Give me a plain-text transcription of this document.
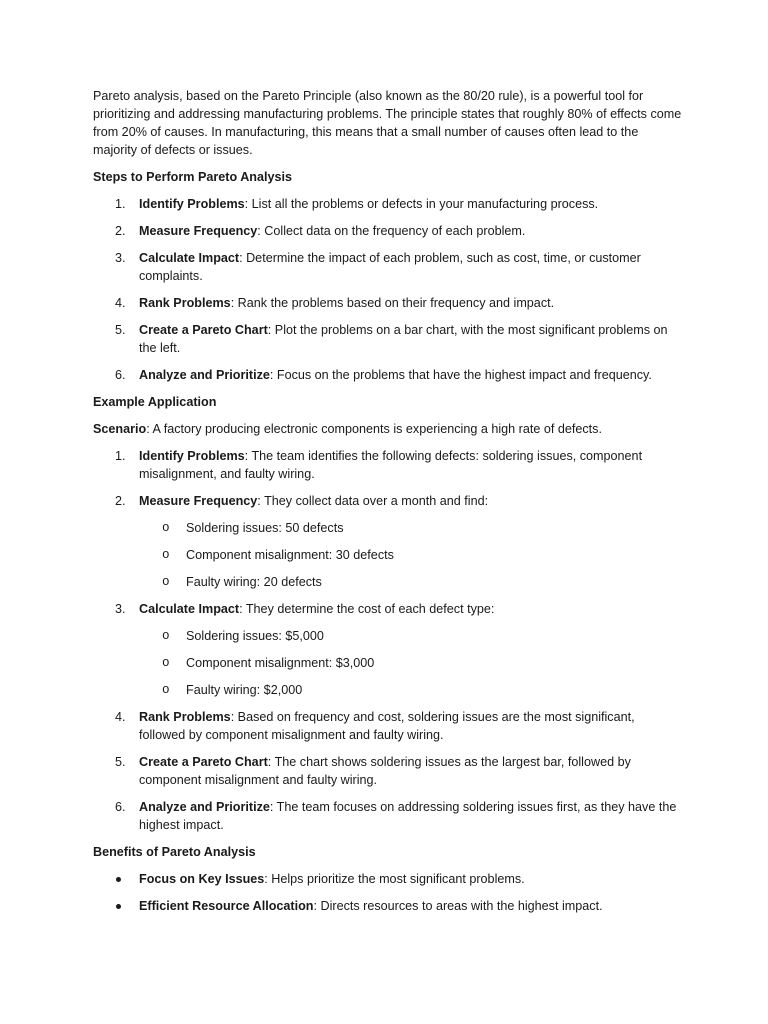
Pareto analysis, based on the Pareto Principle (also known as the 80/20 rule), is a powerful tool for prioritizing and addressing manufacturing problems. The principle states that roughly 80% of effects come from 20% of causes. In manufacturing, this means that a small number of causes often lead to the majority of defects or issues.

Steps to Perform Pareto Analysis

1. Identify Problems: List all the problems or defects in your manufacturing process.
2. Measure Frequency: Collect data on the frequency of each problem.
3. Calculate Impact: Determine the impact of each problem, such as cost, time, or customer complaints.
4. Rank Problems: Rank the problems based on their frequency and impact.
5. Create a Pareto Chart: Plot the problems on a bar chart, with the most significant problems on the left.
6. Analyze and Prioritize: Focus on the problems that have the highest impact and frequency.

Example Application

Scenario: A factory producing electronic components is experiencing a high rate of defects.

1. Identify Problems: The team identifies the following defects: soldering issues, component misalignment, and faulty wiring.
2. Measure Frequency: They collect data over a month and find:
o Soldering issues: 50 defects
o Component misalignment: 30 defects
o Faulty wiring: 20 defects
3. Calculate Impact: They determine the cost of each defect type:
o Soldering issues: $5,000
o Component misalignment: $3,000
o Faulty wiring: $2,000
4. Rank Problems: Based on frequency and cost, soldering issues are the most significant, followed by component misalignment and faulty wiring.
5. Create a Pareto Chart: The chart shows soldering issues as the largest bar, followed by component misalignment and faulty wiring.
6. Analyze and Prioritize: The team focuses on addressing soldering issues first, as they have the highest impact.

Benefits of Pareto Analysis

Focus on Key Issues: Helps prioritize the most significant problems.
Efficient Resource Allocation: Directs resources to areas with the highest impact.
